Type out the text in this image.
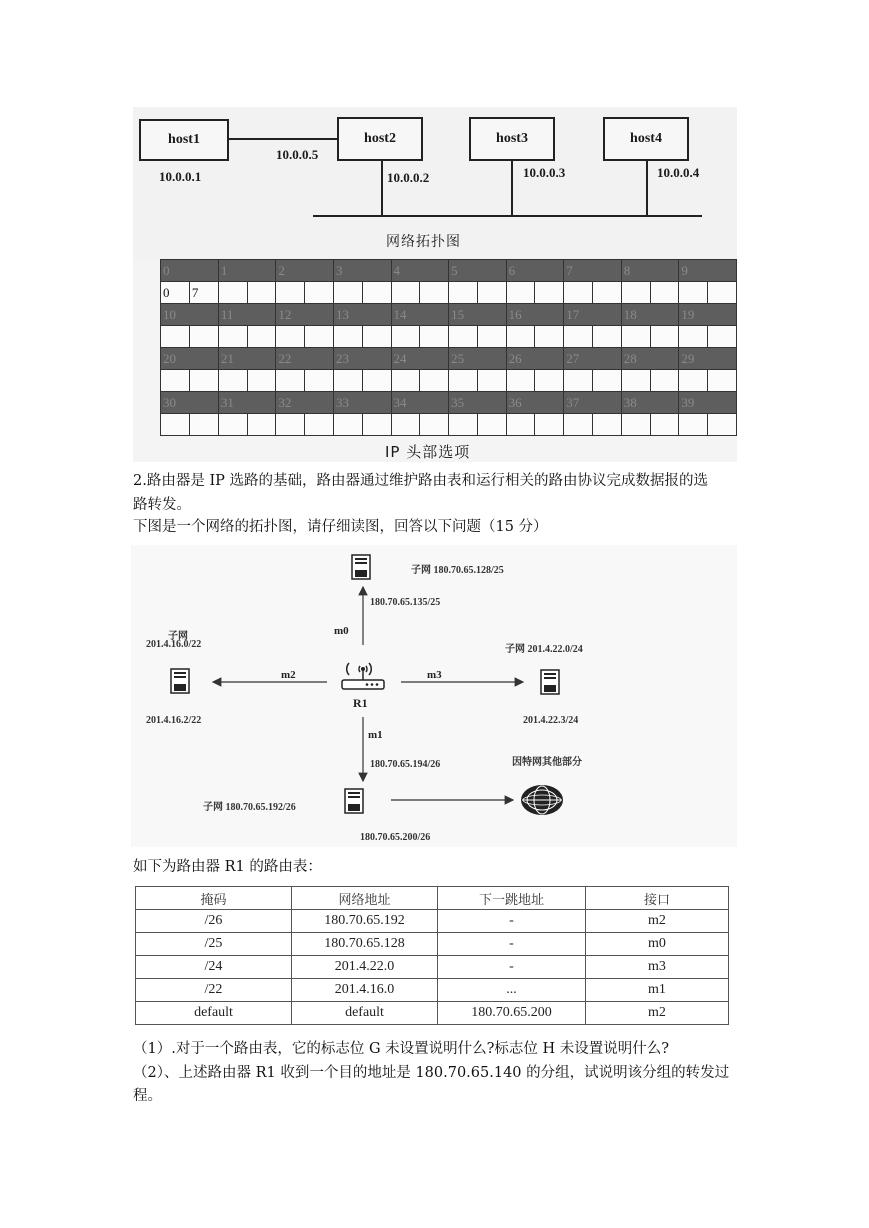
host1	host2	host3	host4
10.0.0.1
10.0.0.5
10.0.0.2	10.0.0.3	10.0.0.4
网络拓扑图
0		1		2		3		4		5		6		7		8		9	
0	7																		
10		11		12		13		14		15		16		17		18		19	

20		21		22		23		24		25		26		27		28		29	

30		31		32		33		34		35		36		37		38		39	

IP 头部选项
2.路由器是 IP 选路的基础，路由器通过维护路由表和运行相关的路由协议完成数据报的选
路转发。
下图是一个网络的拓扑图，请仔细读图，回答以下问题（15 分）
子网 180.70.65.128/25
180.70.65.135/25
m0
子网
201.4.16.0/22
m2
201.4.16.2/22
子网 201.4.22.0/24
m3
201.4.22.3/24
R1
m1
180.70.65.194/26	因特网其他部分
子网 180.70.65.192/26
180.70.65.200/26
如下为路由器 R1 的路由表：
掩码	网络地址	下一跳地址	接口
/26	180.70.65.192	-	m2
/25	180.70.65.128	-	m0
/24	201.4.22.0	-	m3
/22	201.4.16.0	...	m1
default	default	180.70.65.200	m2
（1）.对于一个路由表，它的标志位 G 未设置说明什么?标志位 H 未设置说明什么?
（2）、上述路由器 R1 收到一个目的地址是 180.70.65.140 的分组，试说明该分组的转发过
程。
